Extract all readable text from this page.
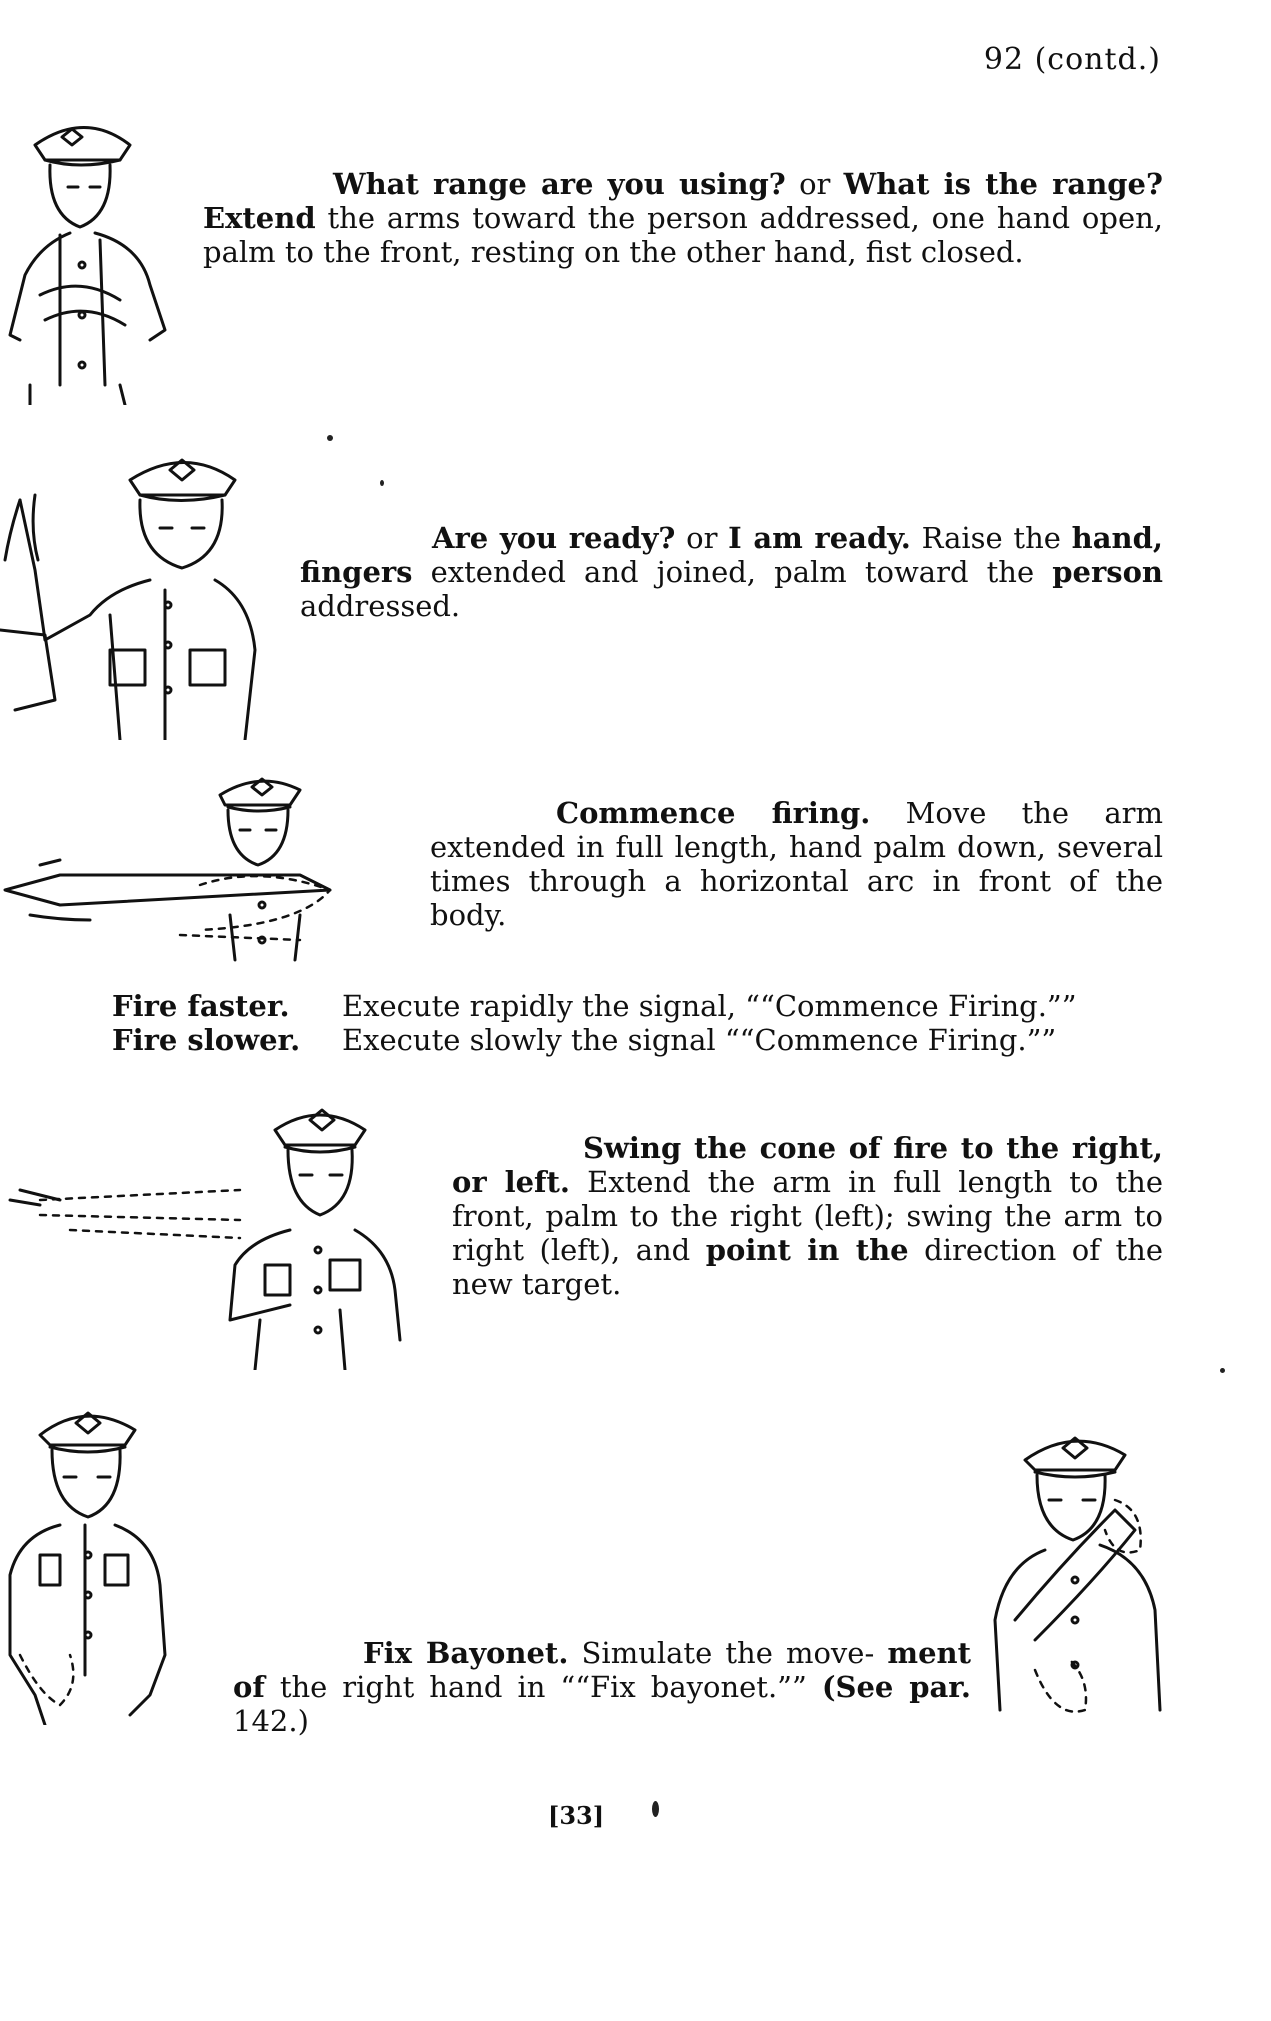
92 (contd.)
What range are you using? or What is the range? Extend the arms toward the person addressed, one hand open, palm to the front, resting on the other hand, fist closed.
Are you ready? or I am ready. Raise the hand, fingers extended and joined, palm toward the person addressed.
Commence firing. Move the arm extended in full length, hand palm down, several times through a horizontal arc in front of the body.
Fire faster. Execute rapidly the signal, ““Commence Firing.””
Fire slower. Execute slowly the signal ““Commence Firing.””
Swing the cone of fire to the right, or left. Extend the arm in full length to the front, palm to the right (left); swing the arm to right (left), and point in the direction of the new target.
Fix Bayonet. Simulate the move- ment of the right hand in ““Fix bayonet.”” (See par. 142.)
[33]
